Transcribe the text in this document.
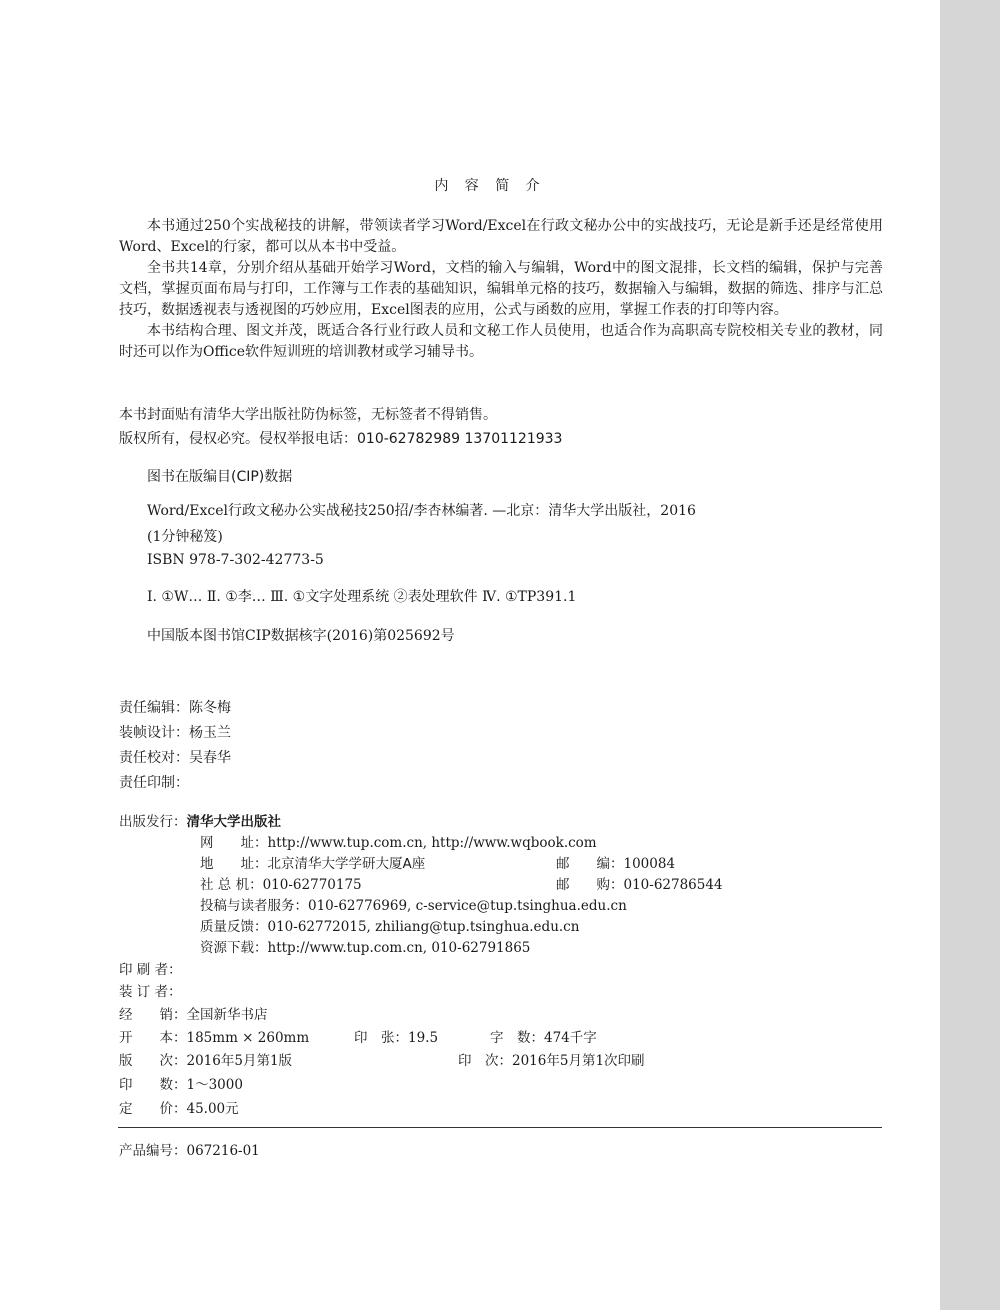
内 容 简 介

本书通过250个实战秘技的讲解，带领读者学习Word/Excel在行政文秘办公中的实战技巧，无论是新手还是经常使用Word、Excel的行家，都可以从本书中受益。

全书共14章，分别介绍从基础开始学习Word，文档的输入与编辑，Word中的图文混排，长文档的编辑，保护与完善文档，掌握页面布局与打印，工作簿与工作表的基础知识，编辑单元格的技巧，数据输入与编辑，数据的筛选、排序与汇总技巧，数据透视表与透视图的巧妙应用，Excel图表的应用，公式与函数的应用，掌握工作表的打印等内容。

本书结构合理、图文并茂，既适合各行业行政人员和文秘工作人员使用，也适合作为高职高专院校相关专业的教材，同时还可以作为Office软件短训班的培训教材或学习辅导书。

本书封面贴有清华大学出版社防伪标签，无标签者不得销售。
版权所有，侵权必究。侵权举报电话：010-62782989 13701121933
图书在版编目(CIP)数据
Word/Excel行政文秘办公实战秘技250招/李杏林编著. —北京：清华大学出版社，2016
(1分钟秘笈)
ISBN 978-7-302-42773-5
Ⅰ. ①W… Ⅱ. ①李… Ⅲ. ①文字处理系统 ②表处理软件 Ⅳ. ①TP391.1
中国版本图书馆CIP数据核字(2016)第025692号
责任编辑：陈冬梅
装帧设计：杨玉兰
责任校对：吴春华
责任印制：
出版发行：清华大学出版社
网　　址：http://www.tup.com.cn, http://www.wqbook.com
地　　址：北京清华大学学研大厦A座	邮　　编：100084
社 总 机：010-62770175	邮　　购：010-62786544
投稿与读者服务：010-62776969, c-service@tup.tsinghua.edu.cn
质量反馈：010-62772015, zhiliang@tup.tsinghua.edu.cn
资源下载：http://www.tup.com.cn, 010-62791865
印 刷 者：
装 订 者：
经　　销：全国新华书店
开　　本：185mm × 260mm	印　张：19.5	字　数：474千字
版　　次：2016年5月第1版	印　次：2016年5月第1次印刷
印　　数：1～3000
定　　价：45.00元
产品编号：067216-01
